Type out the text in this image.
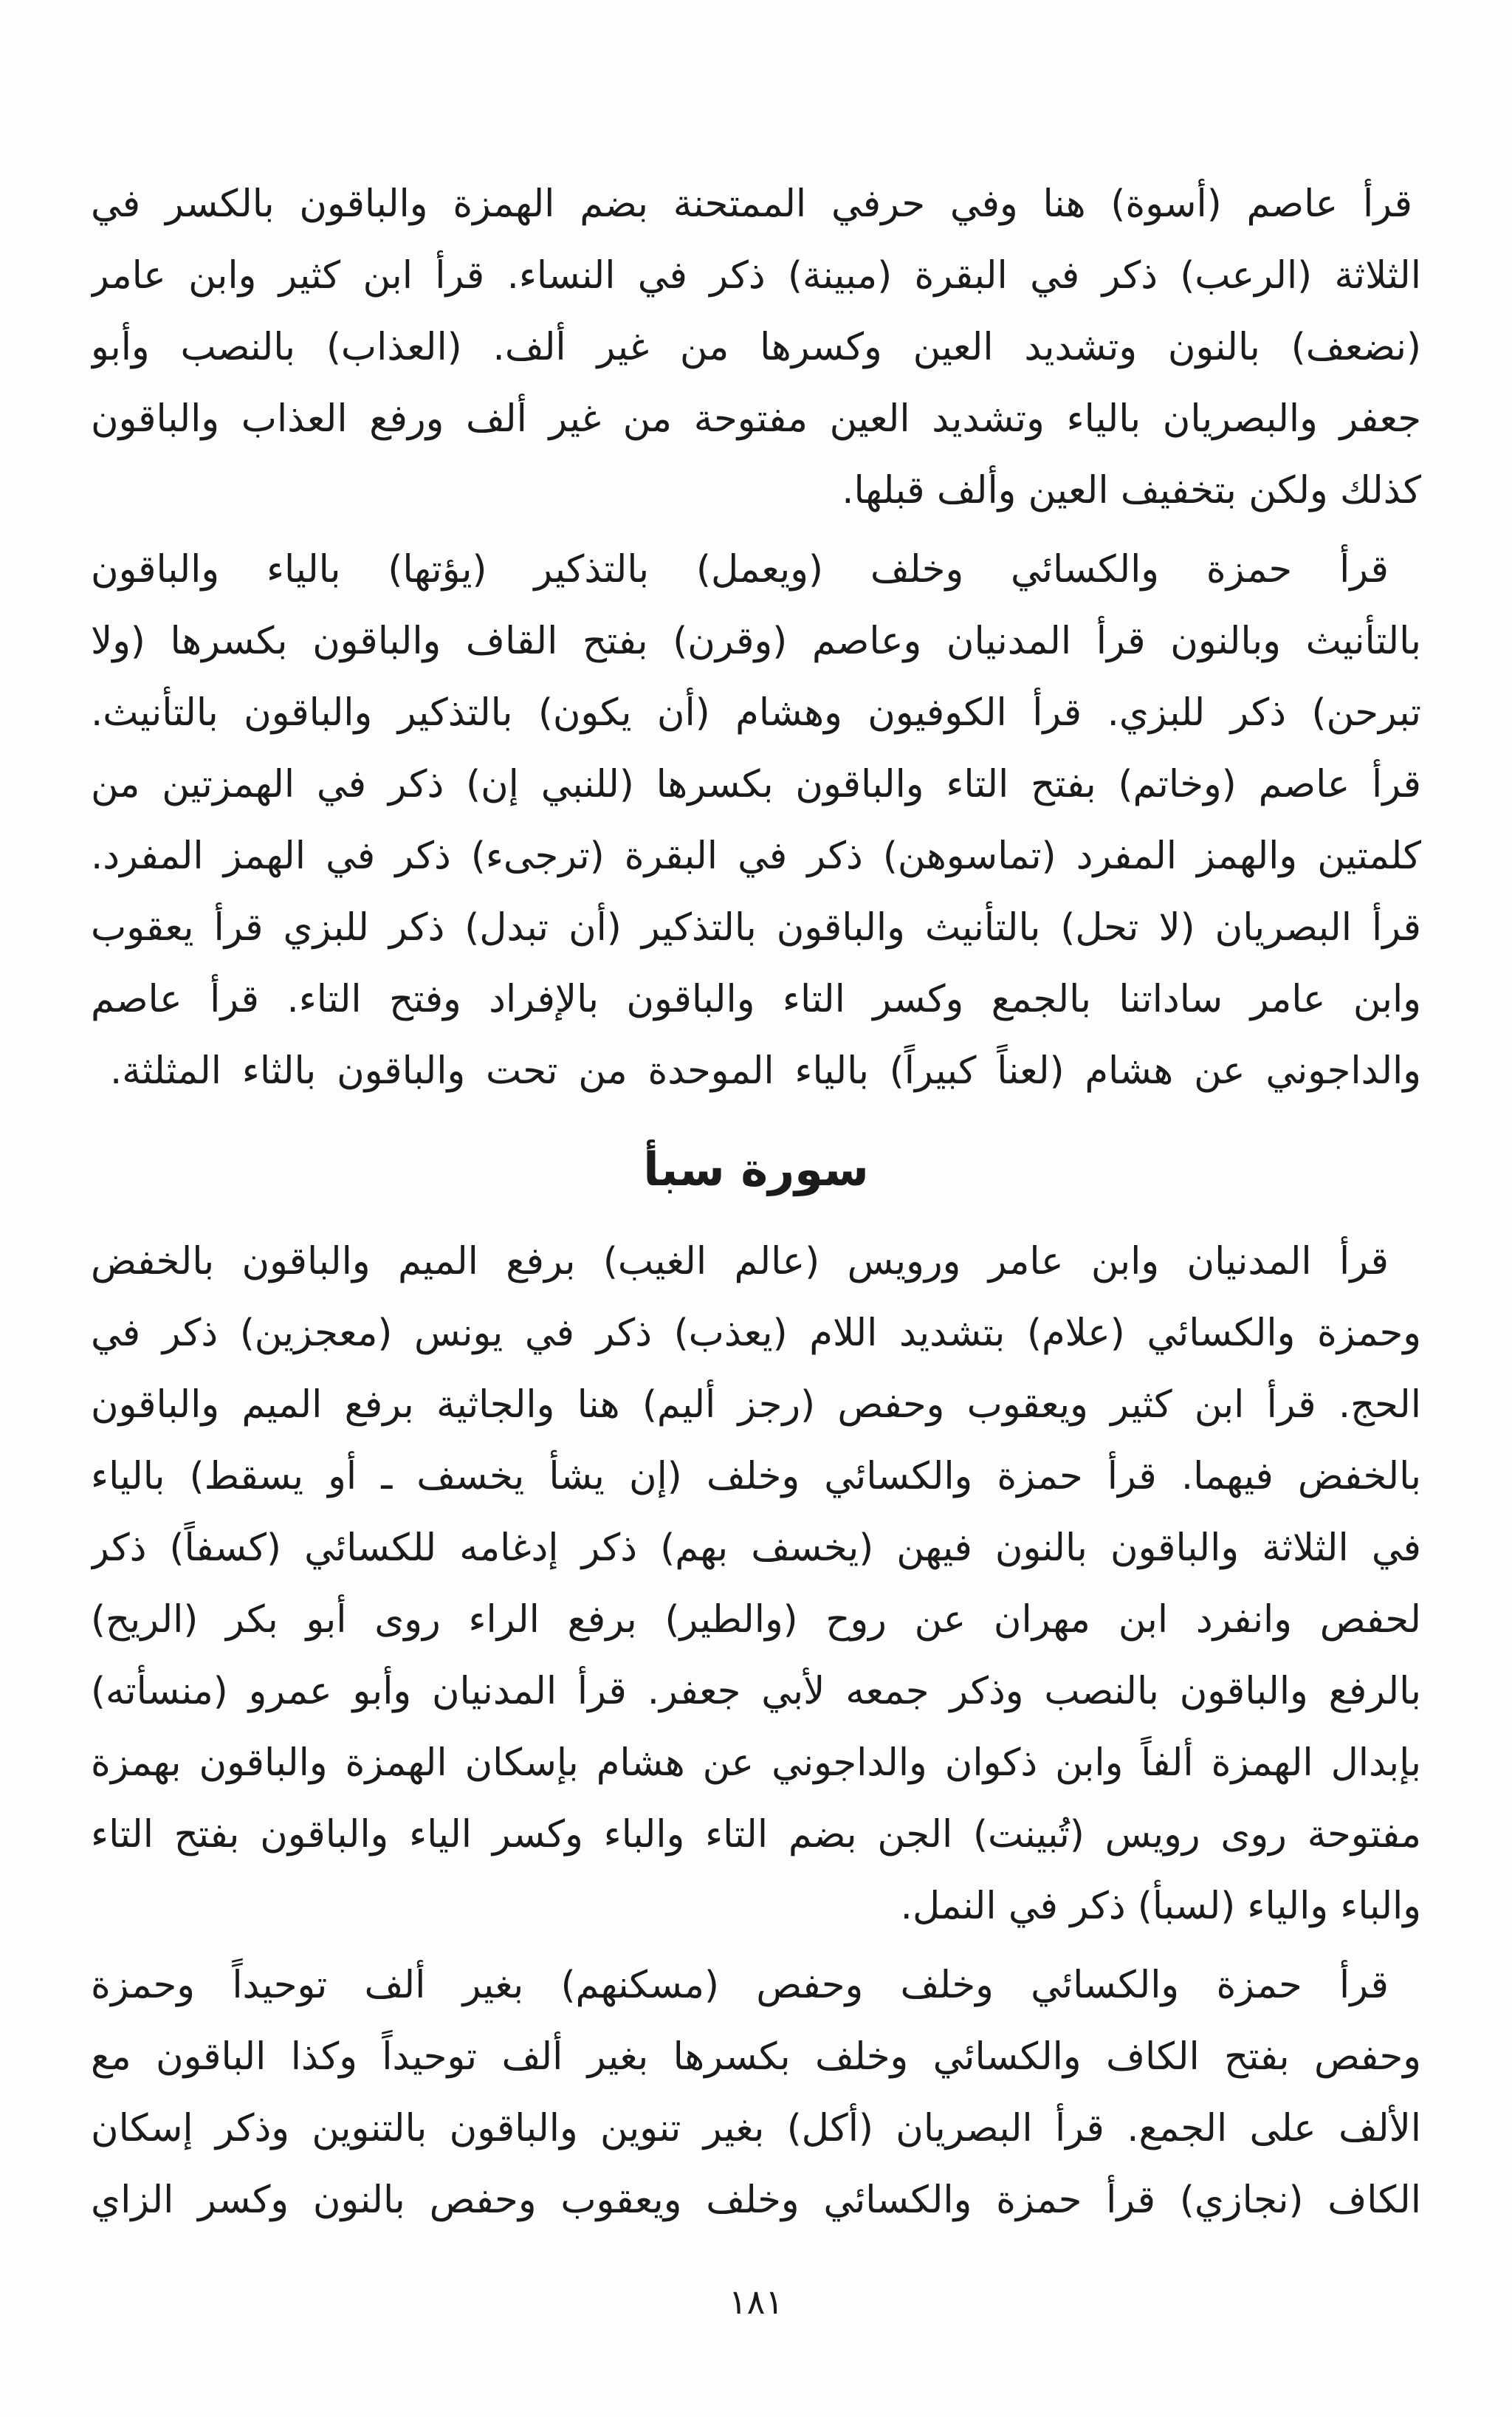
قرأ عاصم (أسوة) هنا وفي حرفي الممتحنة بضم الهمزة والباقون بالكسر في
الثلاثة (الرعب) ذكر في البقرة (مبينة) ذكر في النساء. قرأ ابن كثير وابن عامر
(نضعف) بالنون وتشديد العين وكسرها من غير ألف. (العذاب) بالنصب وأبو
جعفر والبصريان بالياء وتشديد العين مفتوحة من غير ألف ورفع العذاب والباقون
كذلك ولكن بتخفيف العين وألف قبلها.
قرأ حمزة والكسائي وخلف (ويعمل) بالتذكير (يؤتها) بالياء والباقون
بالتأنيث وبالنون قرأ المدنيان وعاصم (وقرن) بفتح القاف والباقون بكسرها (ولا
تبرحن) ذكر للبزي. قرأ الكوفيون وهشام (أن يكون) بالتذكير والباقون بالتأنيث.
قرأ عاصم (وخاتم) بفتح التاء والباقون بكسرها (للنبي إن) ذكر في الهمزتين من
كلمتين والهمز المفرد (تماسوهن) ذكر في البقرة (ترجىء) ذكر في الهمز المفرد.
قرأ البصريان (لا تحل) بالتأنيث والباقون بالتذكير (أن تبدل) ذكر للبزي قرأ يعقوب
وابن عامر ساداتنا بالجمع وكسر التاء والباقون بالإفراد وفتح التاء. قرأ عاصم
والداجوني عن هشام (لعناً كبيراً) بالياء الموحدة من تحت والباقون بالثاء المثلثة.
سورة سبأ
قرأ المدنيان وابن عامر ورويس (عالم الغيب) برفع الميم والباقون بالخفض
وحمزة والكسائي (علام) بتشديد اللام (يعذب) ذكر في يونس (معجزين) ذكر في
الحج. قرأ ابن كثير ويعقوب وحفص (رجز أليم) هنا والجاثية برفع الميم والباقون
بالخفض فيهما. قرأ حمزة والكسائي وخلف (إن يشأ يخسف ـ أو يسقط) بالياء
في الثلاثة والباقون بالنون فيهن (يخسف بهم) ذكر إدغامه للكسائي (كسفاً) ذكر
لحفص وانفرد ابن مهران عن روح (والطير) برفع الراء روى أبو بكر (الريح)
بالرفع والباقون بالنصب وذكر جمعه لأبي جعفر. قرأ المدنيان وأبو عمرو (منسأته)
بإبدال الهمزة ألفاً وابن ذكوان والداجوني عن هشام بإسكان الهمزة والباقون بهمزة
مفتوحة روى رويس (تُبينت) الجن بضم التاء والباء وكسر الياء والباقون بفتح التاء
والباء والياء (لسبأ) ذكر في النمل.
قرأ حمزة والكسائي وخلف وحفص (مسكنهم) بغير ألف توحيداً وحمزة
وحفص بفتح الكاف والكسائي وخلف بكسرها بغير ألف توحيداً وكذا الباقون مع
الألف على الجمع. قرأ البصريان (أكل) بغير تنوين والباقون بالتنوين وذكر إسكان
الكاف (نجازي) قرأ حمزة والكسائي وخلف ويعقوب وحفص بالنون وكسر الزاي
١٨١
